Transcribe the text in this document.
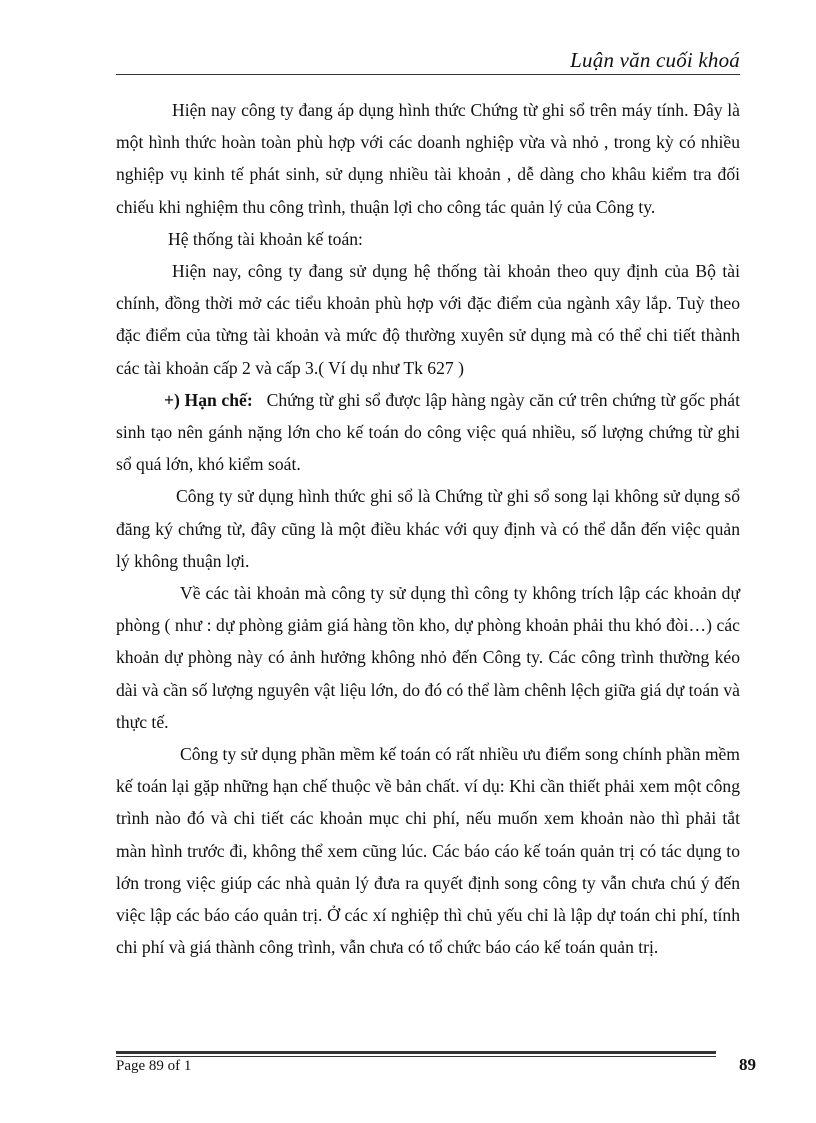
Luận văn cuối khoá

Hiện nay công ty đang áp dụng hình thức Chứng từ ghi sổ trên máy tính. Đây là một hình thức hoàn toàn phù hợp với các doanh nghiệp vừa và nhỏ , trong kỳ có nhiều nghiệp vụ kinh tế phát sinh, sử dụng nhiều tài khoản , dễ dàng cho khâu kiểm tra đối chiếu khi nghiệm thu công trình, thuận lợi cho công tác quản lý của Công ty.

Hệ thống tài khoản kế toán:

Hiện nay, công ty đang sử dụng hệ thống tài khoản theo quy định của Bộ tài chính, đồng thời mở các tiểu khoản phù hợp với đặc điểm của ngành xây lắp. Tuỳ theo đặc điểm của từng tài khoản và mức độ thường xuyên sử dụng mà có thể chi tiết thành các tài khoản cấp 2 và cấp 3.( Ví dụ như Tk 627 )

+) Hạn chế: Chứng từ ghi sổ được lập hàng ngày căn cứ trên chứng từ gốc phát sinh tạo nên gánh nặng lớn cho kế toán do công việc quá nhiều, số lượng chứng từ ghi sổ quá lớn, khó kiểm soát.

Công ty sử dụng hình thức ghi sổ là Chứng từ ghi sổ song lại không sử dụng sổ đăng ký chứng từ, đây cũng là một điều khác với quy định và có thể dẫn đến việc quản lý không thuận lợi.

Về các tài khoản mà công ty sử dụng thì công ty không trích lập các khoản dự phòng ( như : dự phòng giảm giá hàng tồn kho, dự phòng khoản phải thu khó đòi…) các khoản dự phòng này có ảnh hưởng không nhỏ đến Công ty. Các công trình thường kéo dài và cần số lượng nguyên vật liệu lớn, do đó có thể làm chênh lệch giữa giá dự toán và thực tế.

Công ty sử dụng phần mềm kế toán có rất nhiều ưu điểm song chính phần mềm kế toán lại gặp những hạn chế thuộc về bản chất. ví dụ: Khi cần thiết phải xem một công trình nào đó và chi tiết các khoản mục chi phí, nếu muốn xem khoản nào thì phải tắt màn hình trước đi, không thể xem cũng lúc. Các báo cáo kế toán quản trị có tác dụng to lớn trong việc giúp các nhà quản lý đưa ra quyết định song công ty vẫn chưa chú ý đến việc lập các báo cáo quản trị. Ở các xí nghiệp thì chủ yếu chỉ là lập dự toán chi phí, tính chi phí và giá thành công trình, vẫn chưa có tổ chức báo cáo kế toán quản trị.

Page 89 of 1	89
